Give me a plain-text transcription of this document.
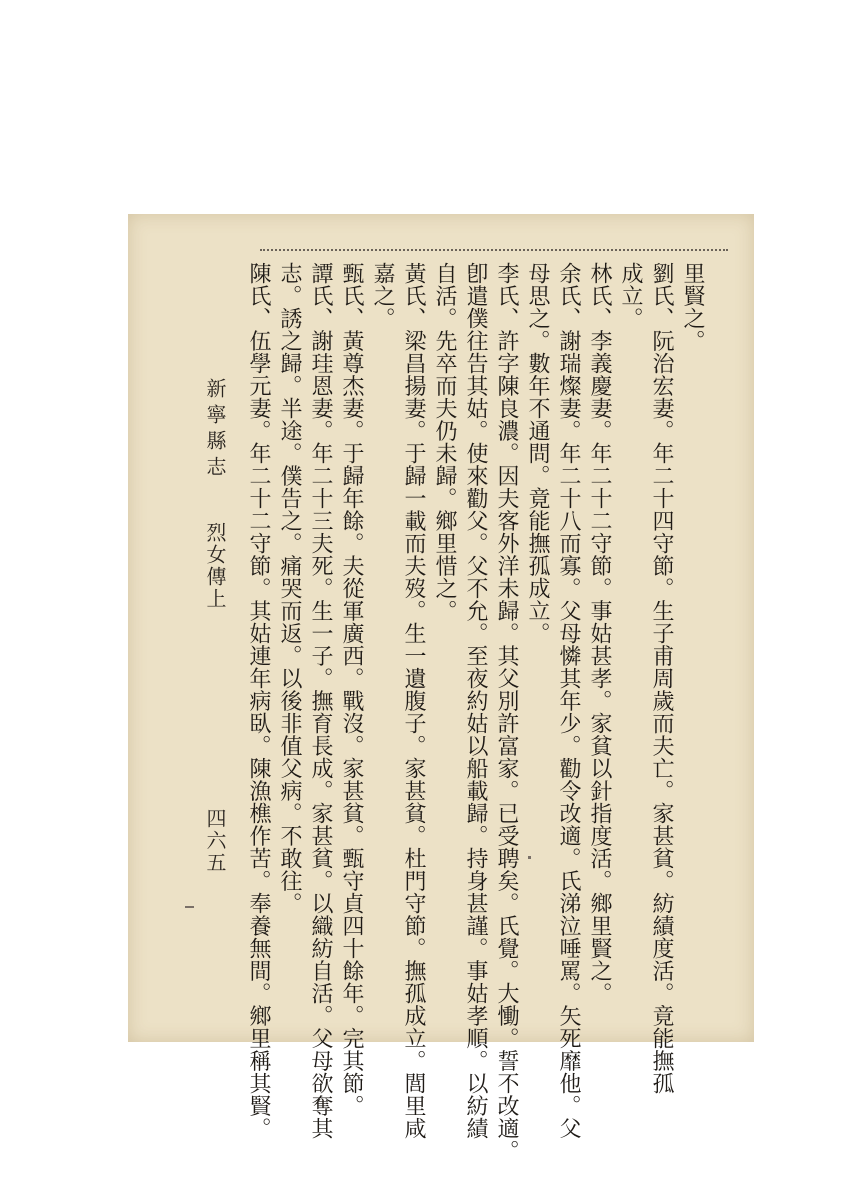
里賢之。
劉氏、阮治宏妻。年二十四守節。生子甫周歲而夫亡。家甚貧。紡績度活。竟能撫孤
成立。
林氏、李義慶妻。年二十二守節。事姑甚孝。家貧以針指度活。鄉里賢之。
余氏、謝瑞燦妻。年二十八而寡。父母憐其年少。勸令改適。氏涕泣唾罵。矢死靡他。父
母思之。數年不通問。竟能撫孤成立。
李氏、許字陳良濃。因夫客外洋未歸。其父別許富家。已受聘矣。氏覺。大慟。誓不改適。
卽遣僕往告其姑。使來勸父。父不允。至夜約姑以船載歸。持身甚謹。事姑孝順。以紡績
自活。先卒而夫仍未歸。鄉里惜之。
黃氏、梁昌揚妻。于歸一載而夫歿。生一遺腹子。家甚貧。杜門守節。撫孤成立。閭里咸
嘉之。
甄氏、黃尊杰妻。于歸年餘。夫從軍廣西。戰沒。家甚貧。甄守貞四十餘年。完其節。
譚氏、謝珪恩妻。年二十三夫死。生一子。撫育長成。家甚貧。以織紡自活。父母欲奪其
志。誘之歸。半途。僕告之。痛哭而返。以後非值父病。不敢往。
陳氏、伍學元妻。年二十二守節。其姑連年病臥。陳漁樵作苦。奉養無間。鄉里稱其賢。
新寧縣志
烈女傳上
四六五
